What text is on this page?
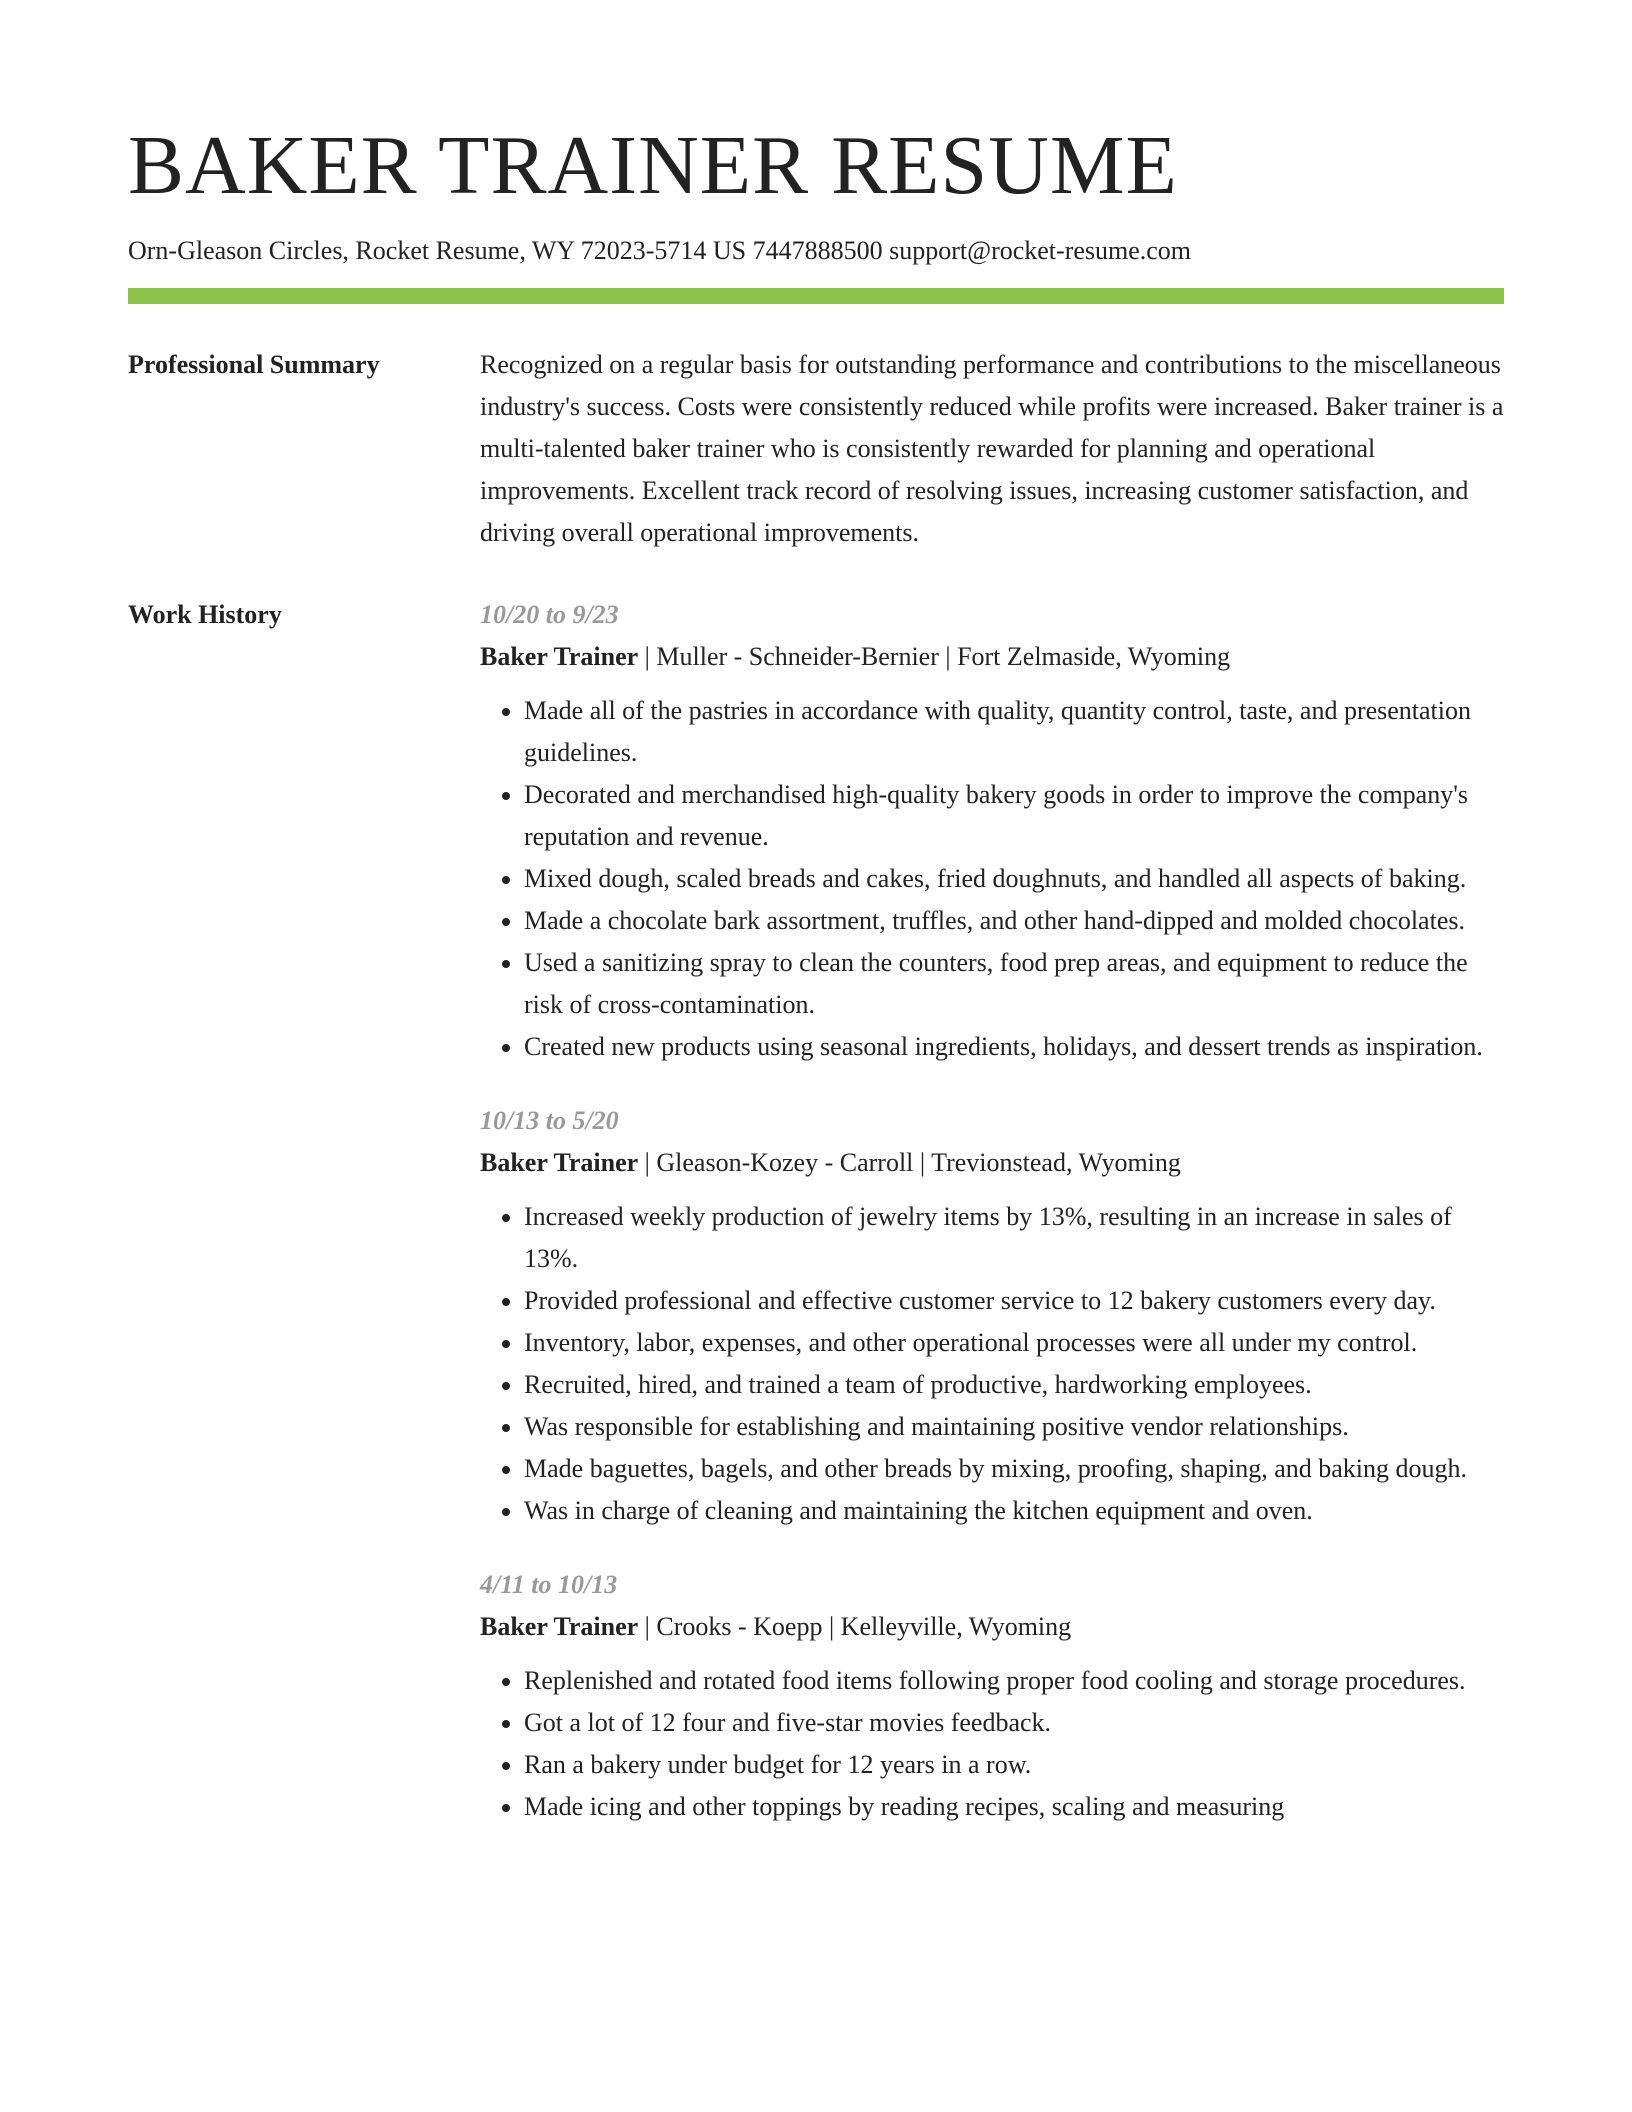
BAKER TRAINER RESUME
Orn-Gleason Circles, Rocket Resume, WY 72023-5714 US 7447888500 support@rocket-resume.com
Professional Summary	Recognized on a regular basis for outstanding performance and contributions to the miscellaneous industry's success. Costs were consistently reduced while profits were increased. Baker trainer is a multi-talented baker trainer who is consistently rewarded for planning and operational improvements. Excellent track record of resolving issues, increasing customer satisfaction, and driving overall operational improvements.

Work History	10/20 to 9/23
Baker Trainer | Muller - Schneider-Bernier | Fort Zelmaside, Wyoming
• Made all of the pastries in accordance with quality, quantity control, taste, and presentation guidelines.
• Decorated and merchandised high-quality bakery goods in order to improve the company's reputation and revenue.
• Mixed dough, scaled breads and cakes, fried doughnuts, and handled all aspects of baking.
• Made a chocolate bark assortment, truffles, and other hand-dipped and molded chocolates.
• Used a sanitizing spray to clean the counters, food prep areas, and equipment to reduce the risk of cross-contamination.
• Created new products using seasonal ingredients, holidays, and dessert trends as inspiration.
10/13 to 5/20
Baker Trainer | Gleason-Kozey - Carroll | Trevionstead, Wyoming
• Increased weekly production of jewelry items by 13%, resulting in an increase in sales of 13%.
• Provided professional and effective customer service to 12 bakery customers every day.
• Inventory, labor, expenses, and other operational processes were all under my control.
• Recruited, hired, and trained a team of productive, hardworking employees.
• Was responsible for establishing and maintaining positive vendor relationships.
• Made baguettes, bagels, and other breads by mixing, proofing, shaping, and baking dough.
• Was in charge of cleaning and maintaining the kitchen equipment and oven.
4/11 to 10/13
Baker Trainer | Crooks - Koepp | Kelleyville, Wyoming
• Replenished and rotated food items following proper food cooling and storage procedures.
• Got a lot of 12 four and five-star movies feedback.
• Ran a bakery under budget for 12 years in a row.
• Made icing and other toppings by reading recipes, scaling and measuring
